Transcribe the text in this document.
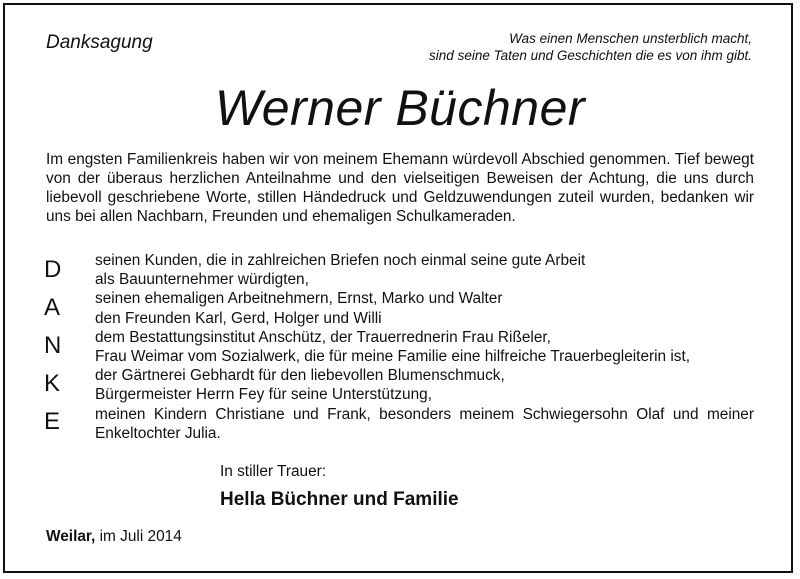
Danksagung	Was einen Menschen unsterblich macht,
sind seine Taten und Geschichten die es von ihm gibt.
Werner Büchner

Im engsten Familienkreis haben wir von meinem Ehemann würdevoll Abschied genommen. Tief bewegt von der überaus herzlichen Anteilnahme und den vielseitigen Beweisen der Achtung, die uns durch liebevoll geschriebene Worte, stillen Händedruck und Geldzuwendungen zuteil wurden, bedanken wir uns bei allen Nachbarn, Freunden und ehemaligen Schulkameraden.

D
A
N
K
E
seinen Kunden, die in zahlreichen Briefen noch einmal seine gute Arbeit
als Bauunternehmer würdigten,
seinen ehemaligen Arbeitnehmern, Ernst, Marko und Walter
den Freunden Karl, Gerd, Holger und Willi
dem Bestattungsinstitut Anschütz, der Trauerrednerin Frau Rißeler,
Frau Weimar vom Sozialwerk, die für meine Familie eine hilfreiche Trauerbegleiterin ist,
der Gärtnerei Gebhardt für den liebevollen Blumenschmuck,
Bürgermeister Herrn Fey für seine Unterstützung,
meinen Kindern Christiane und Frank, besonders meinem Schwiegersohn Olaf und meiner Enkeltochter Julia.
In stiller Trauer:
Hella Büchner und Familie
Weilar, im Juli 2014
